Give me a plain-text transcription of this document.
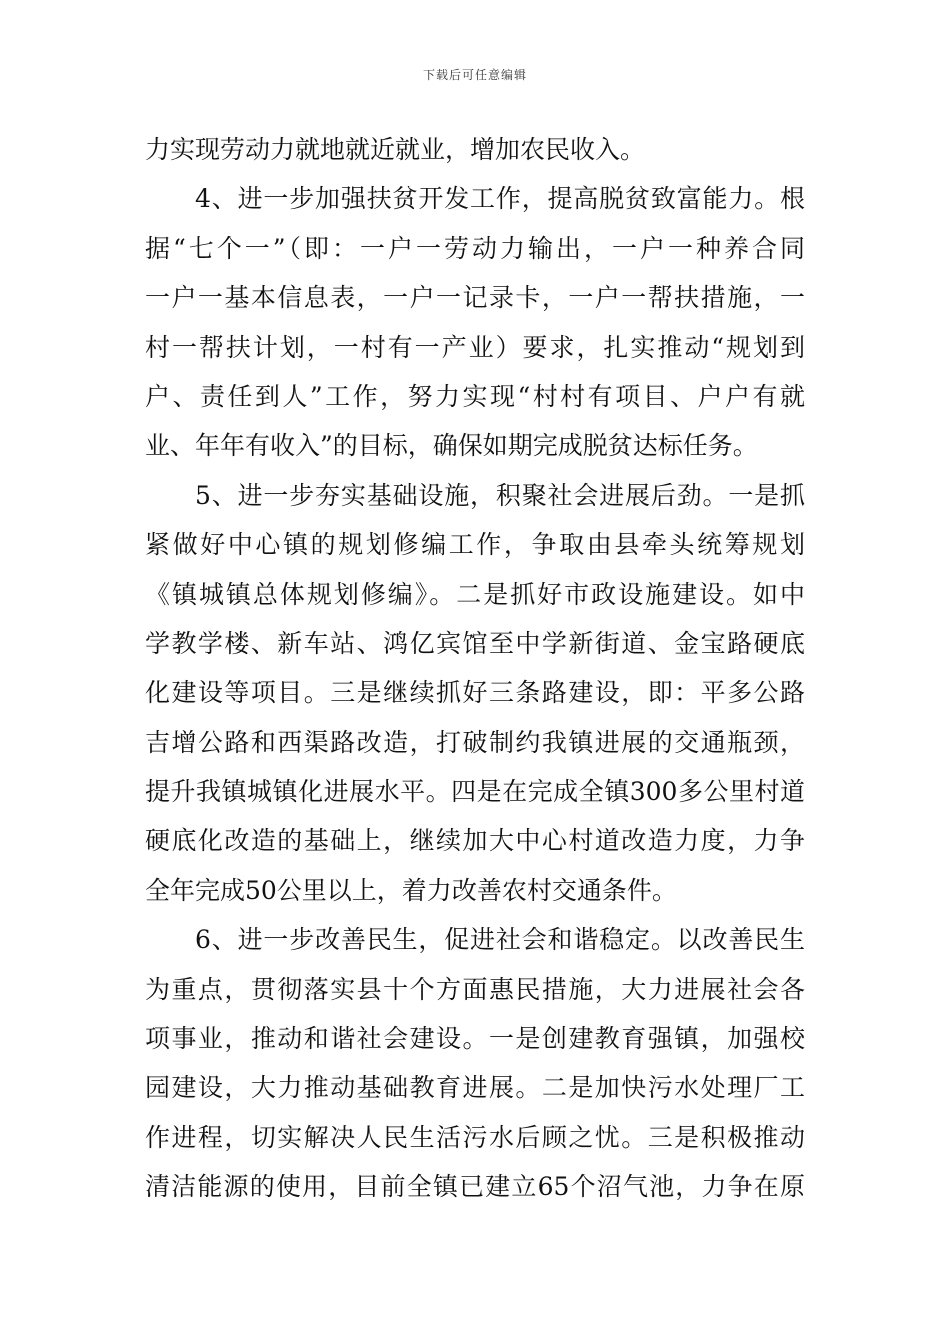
下载后可任意编辑
力实现劳动力就地就近就业，增加农民收入。
4、进一步加强扶贫开发工作，提高脱贫致富能力。根
据“七个一”（即：一户一劳动力输出，一户一种养合同
一户一基本信息表，一户一记录卡，一户一帮扶措施，一
村一帮扶计划，一村有一产业）要求，扎实推动“规划到
户、责任到人”工作，努力实现“村村有项目、户户有就
业、年年有收入”的目标，确保如期完成脱贫达标任务。
5、进一步夯实基础设施，积聚社会进展后劲。一是抓
紧做好中心镇的规划修编工作，争取由县牵头统筹规划
《镇城镇总体规划修编》。二是抓好市政设施建设。如中
学教学楼、新车站、鸿亿宾馆至中学新街道、金宝路硬底
化建设等项目。三是继续抓好三条路建设，即：平多公路
吉增公路和西渠路改造，打破制约我镇进展的交通瓶颈，
提升我镇城镇化进展水平。四是在完成全镇300多公里村道
硬底化改造的基础上，继续加大中心村道改造力度，力争
全年完成50公里以上，着力改善农村交通条件。
6、进一步改善民生，促进社会和谐稳定。以改善民生
为重点，贯彻落实县十个方面惠民措施，大力进展社会各
项事业，推动和谐社会建设。一是创建教育强镇，加强校
园建设，大力推动基础教育进展。二是加快污水处理厂工
作进程，切实解决人民生活污水后顾之忧。三是积极推动
清洁能源的使用，目前全镇已建立65个沼气池，力争在原
